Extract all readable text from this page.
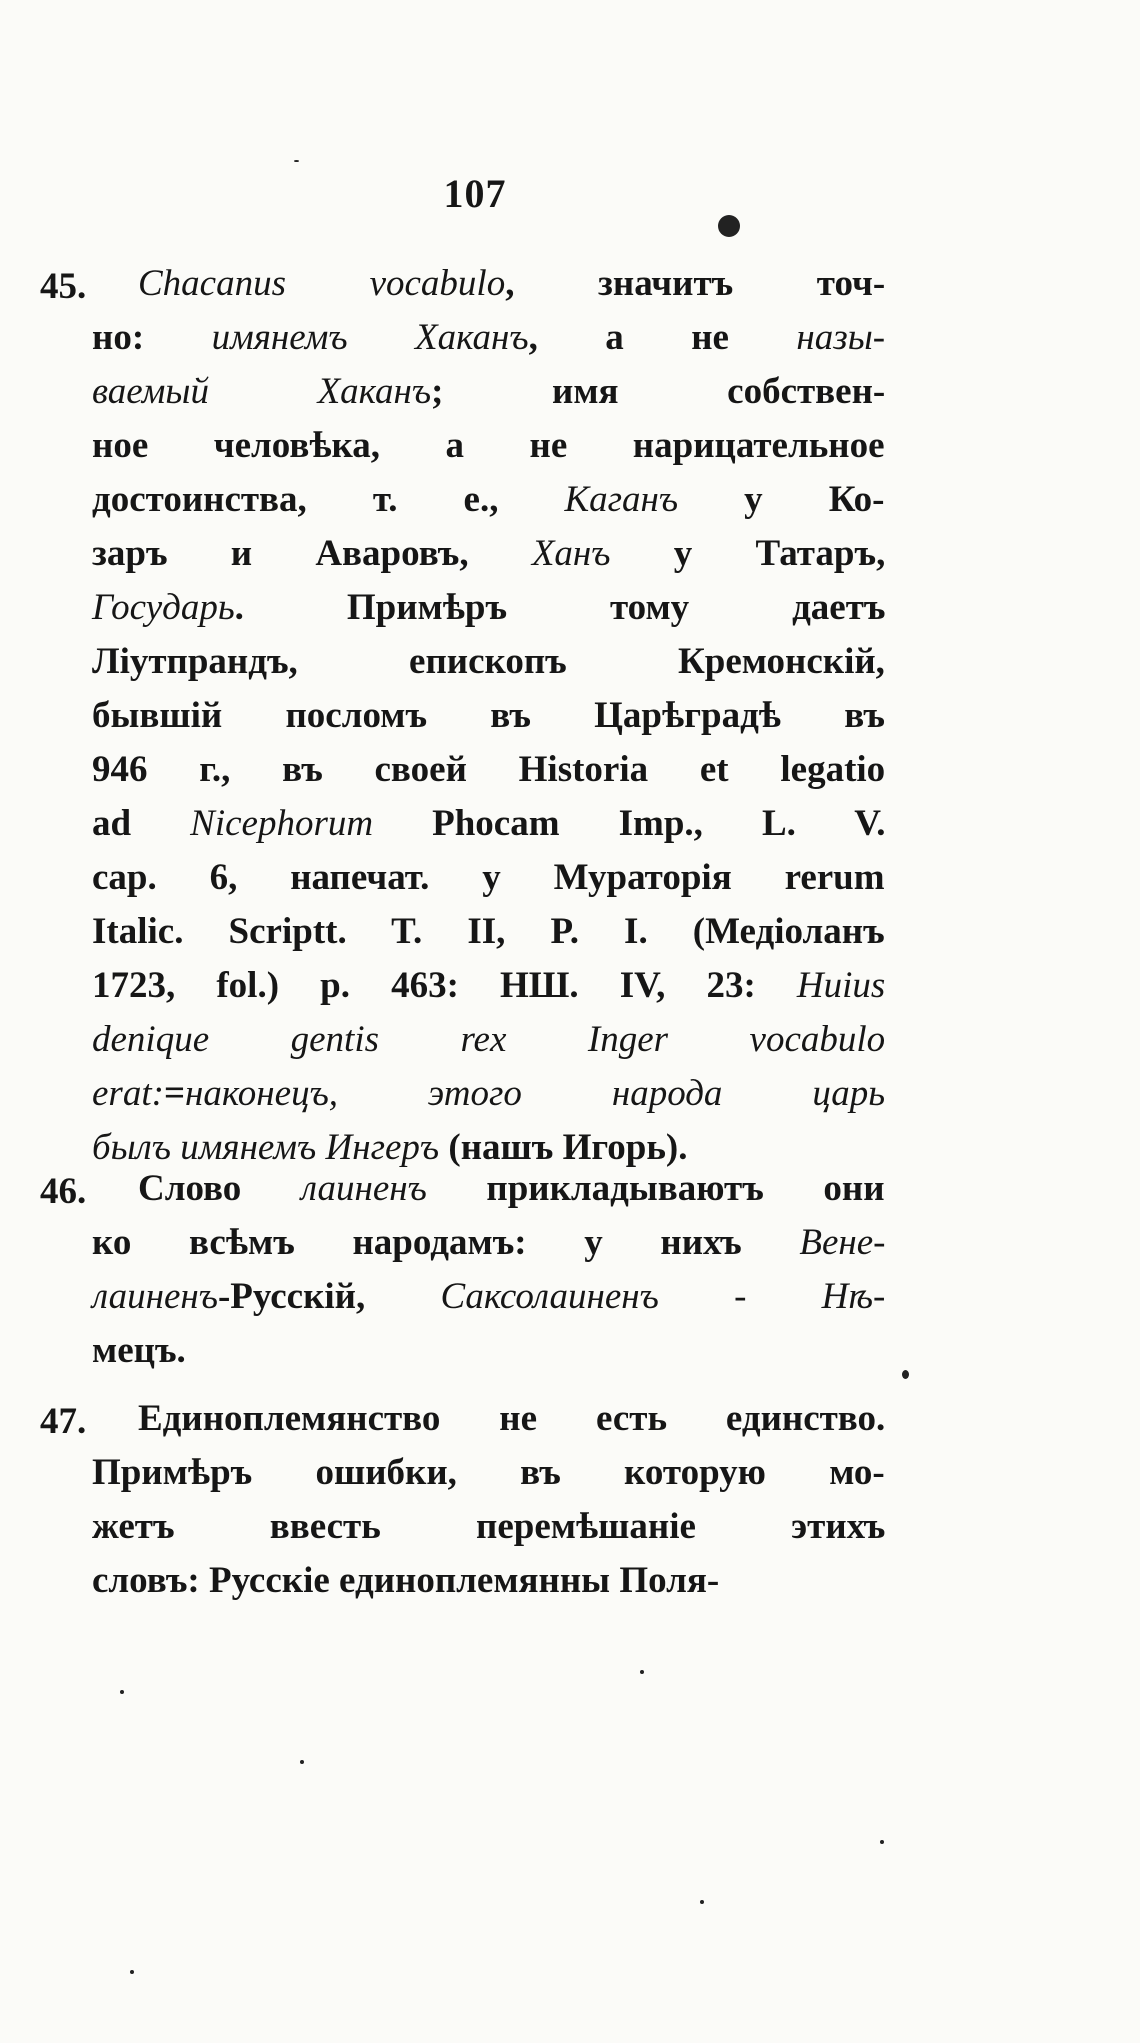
107
45. Chacanus vocabulo, значитъ точ-
но: имянемъ Хаканъ, а не назы-
ваемый Хаканъ; имя собствен-
ное человѣка, а не нарицательное
достоинства, т. е., Каганъ у Ко-
заръ и Аваровъ, Ханъ у Татаръ,
Государь. Примѣръ тому даетъ
Ліутпрандъ, епископъ Кремонскій,
бывшій посломъ въ Царѣградѣ въ
946 г., въ своей Historia et legatio
ad Nicephorum Phocam Imp., L. V.
cap. 6, напечат. у Мураторія rerum
Italic. Scriptt. T. II, P. I. (Медіоланъ
1723, fol.) p. 463: НШ. IV, 23: Huius
denique gentis rex Inger vocabulo
erat:=наконецъ, этого народа царь
былъ имянемъ Ингеръ (нашъ Игорь).
46. Слово лаиненъ прикладываютъ они
ко всѣмъ народамъ: у нихъ Вене-
лаиненъ-Русскій, Саксолаиненъ - Нѣ-
мецъ.
47. Единоплемянство не есть единство.
Примѣръ ошибки, въ которую мо-
жетъ ввесть перемѣшаніе этихъ
словъ: Русскіе единоплемянны Поля-
